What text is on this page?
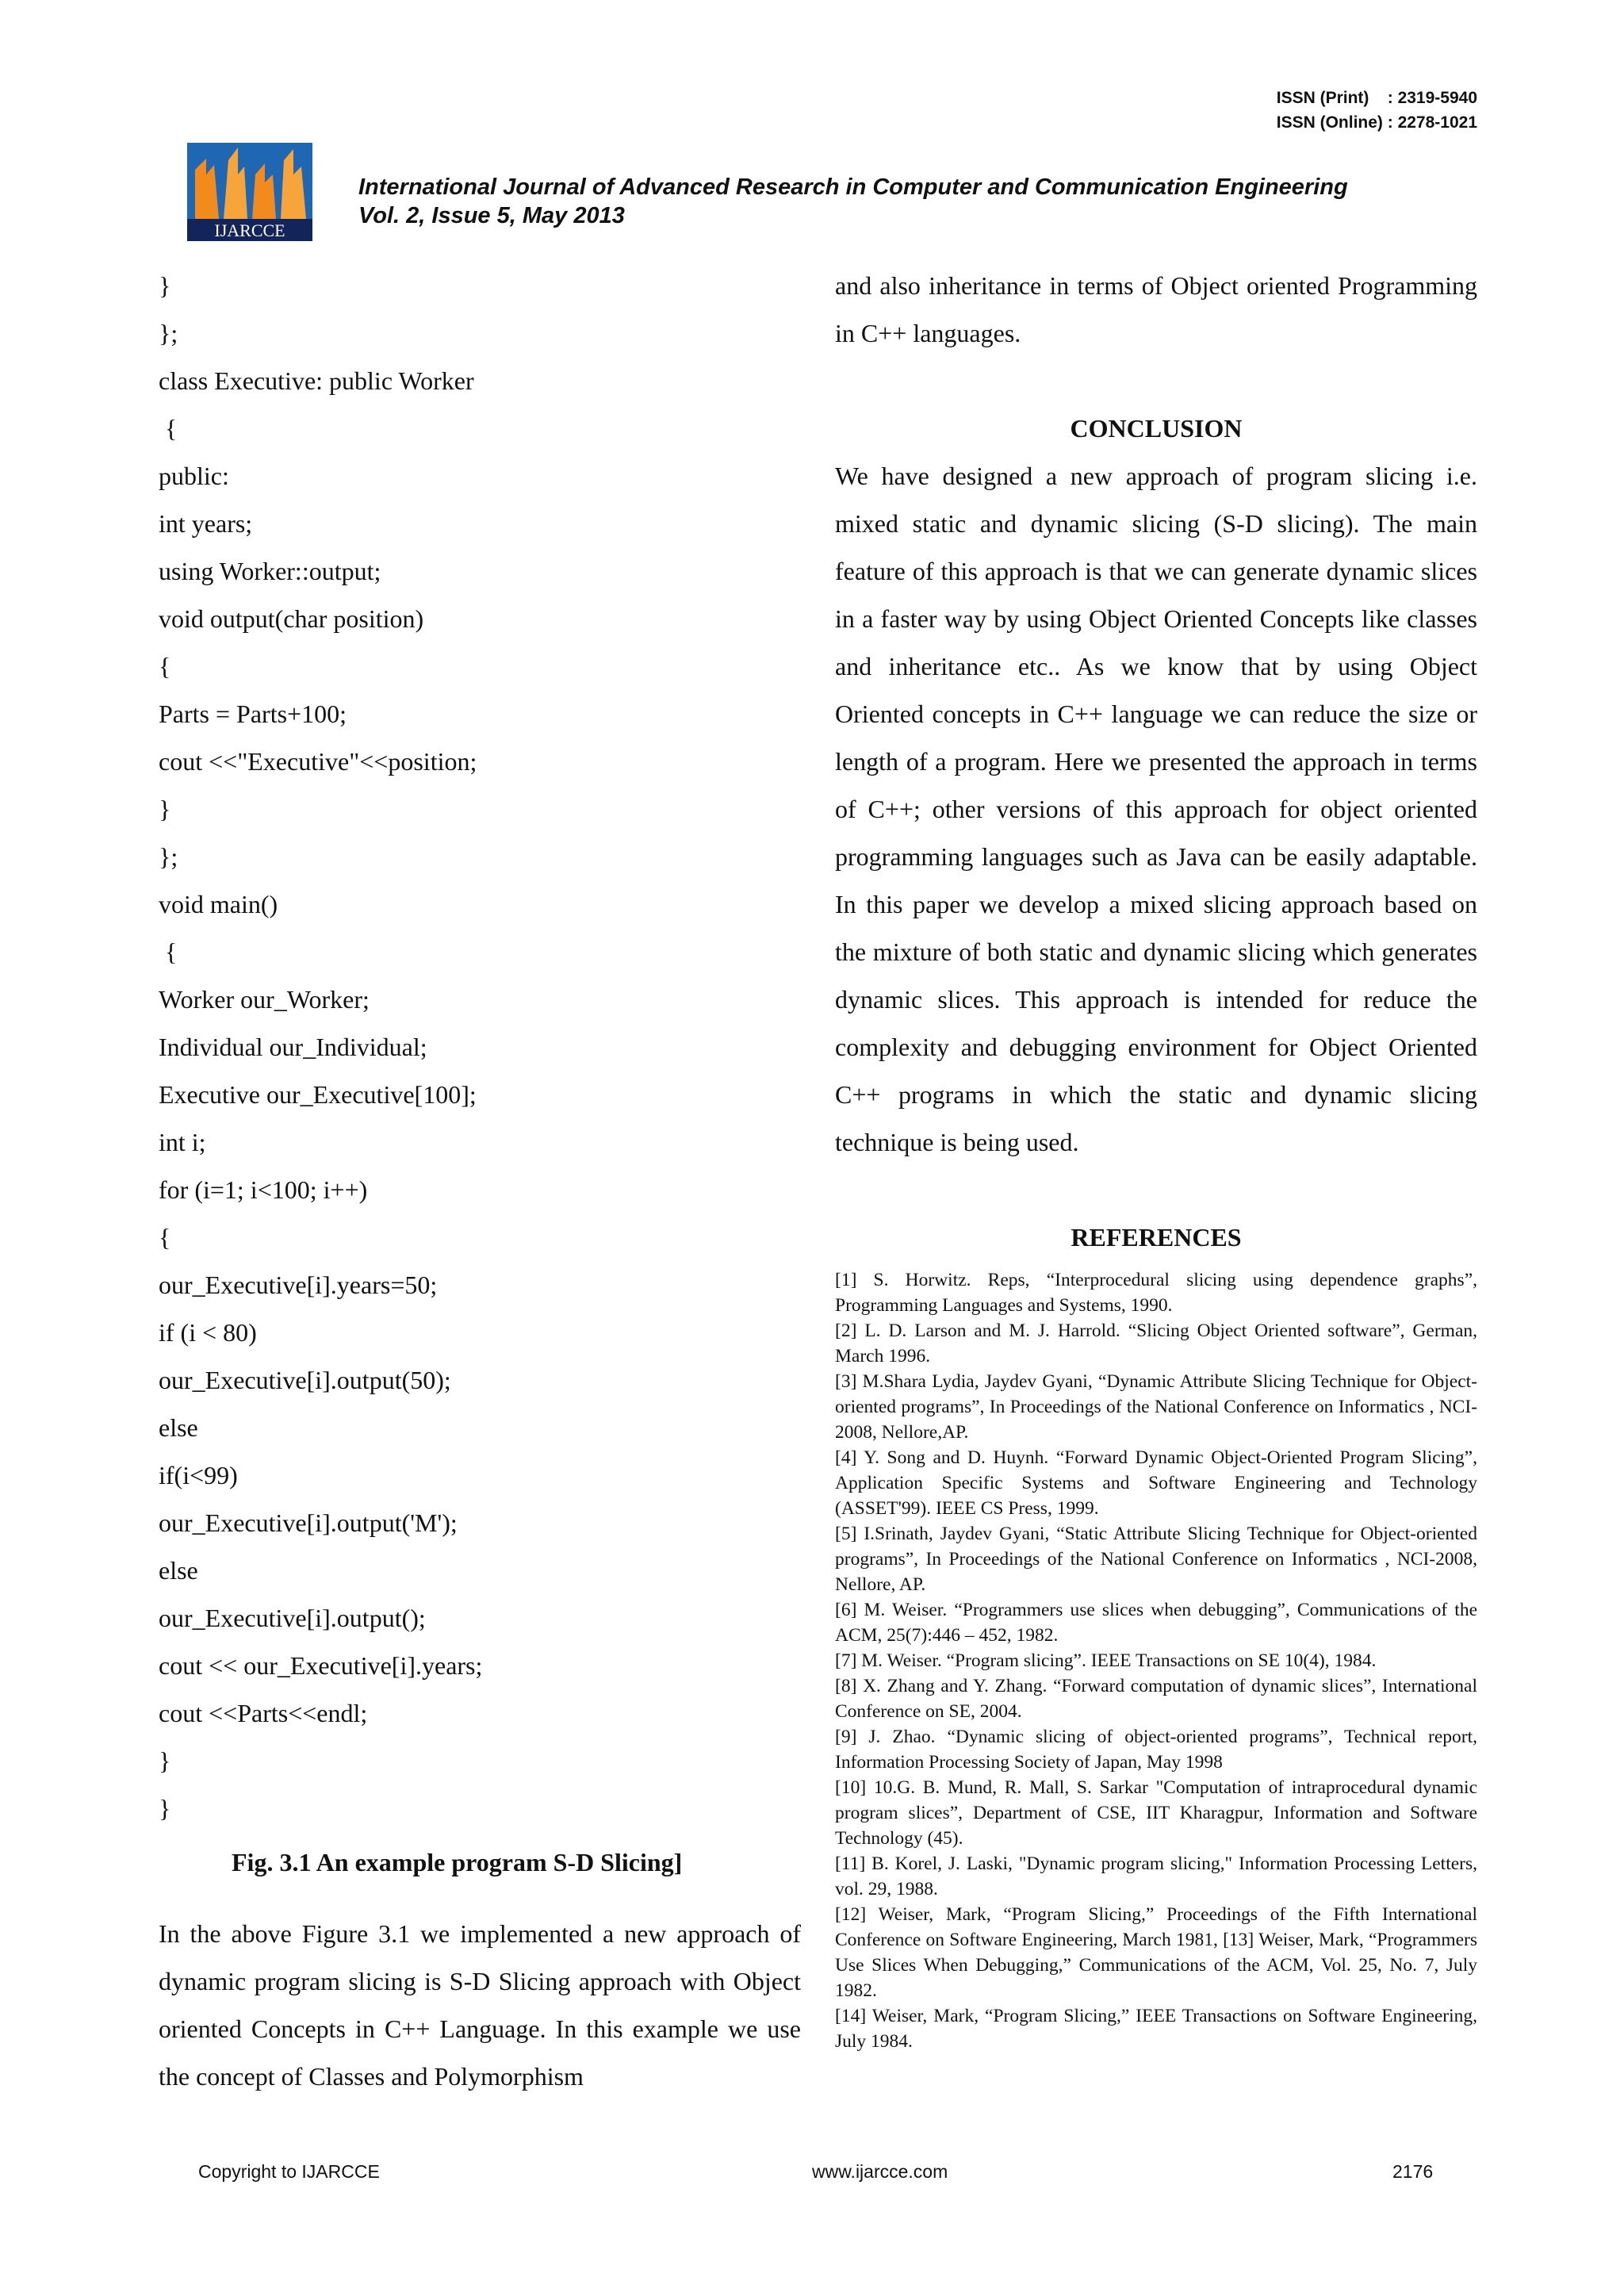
ISSN (Print)    : 2319-5940
ISSN (Online) : 2278-1021
IJARCCE
International Journal of Advanced Research in Computer and Communication Engineering
Vol. 2, Issue 5, May 2013
}
};
class Executive: public Worker
{
public:
int years;
using Worker::output;
void output(char position)
{
Parts = Parts+100;
cout <<"Executive"<<position;
}
};
void main()
{
Worker our_Worker;
Individual our_Individual;
Executive our_Executive[100];
int i;
for (i=1; i<100; i++)
{
our_Executive[i].years=50;
if (i < 80)
our_Executive[i].output(50);
else
if(i<99)
our_Executive[i].output('M');
else
our_Executive[i].output();
cout << our_Executive[i].years;
cout <<Parts<<endl;
}
}
Fig. 3.1 An example program S-D Slicing]
In the above Figure 3.1 we implemented a new approach of dynamic program slicing is S-D Slicing approach with Object oriented Concepts in C++ Language. In this example we use the concept of Classes and Polymorphism

and also inheritance in terms of Object oriented Programming in C++ languages.

CONCLUSION

We have designed a new approach of program slicing i.e. mixed static and dynamic slicing (S-D slicing). The main feature of this approach is that we can generate dynamic slices in a faster way by using Object Oriented Concepts like classes and inheritance etc.. As we know that by using Object Oriented concepts in C++ language we can reduce the size or length of a program. Here we presented the approach in terms of C++; other versions of this approach for object oriented programming languages such as Java can be easily adaptable. In this paper we develop a mixed slicing approach based on the mixture of both static and dynamic slicing which generates dynamic slices. This approach is intended for reduce the complexity and debugging environment for Object Oriented C++ programs in which the static and dynamic slicing technique is being used.

REFERENCES

[1] S. Horwitz. Reps, “Interprocedural slicing using dependence graphs”, Programming Languages and Systems, 1990.

[2] L. D. Larson and M. J. Harrold. “Slicing Object Oriented software”, German, March 1996.

[3] M.Shara Lydia, Jaydev Gyani, “Dynamic Attribute Slicing Technique for Object-oriented programs”, In Proceedings of the National Conference on Informatics , NCI-2008, Nellore,AP.

[4] Y. Song and D. Huynh. “Forward Dynamic Object-Oriented Program Slicing”, Application Specific Systems and Software Engineering and Technology (ASSET'99). IEEE CS Press, 1999.

[5] I.Srinath, Jaydev Gyani, “Static Attribute Slicing Technique for Object-oriented programs”, In Proceedings of the National Conference on Informatics , NCI-2008, Nellore, AP.

[6] M. Weiser. “Programmers use slices when debugging”, Communications of the ACM, 25(7):446 – 452, 1982.

[7] M. Weiser. “Program slicing”. IEEE Transactions on SE 10(4), 1984.

[8] X. Zhang and Y. Zhang. “Forward computation of dynamic slices”, International Conference on SE, 2004.

[9] J. Zhao. “Dynamic slicing of object-oriented programs”, Technical report, Information Processing Society of Japan, May 1998

[10] 10.G. B. Mund, R. Mall, S. Sarkar "Computation of intraprocedural dynamic program slices”, Department of CSE, IIT Kharagpur, Information and Software Technology (45).

[11] B. Korel, J. Laski, "Dynamic program slicing," Information Processing Letters, vol. 29, 1988.

[12] Weiser, Mark, “Program Slicing,” Proceedings of the Fifth International Conference on Software Engineering, March 1981, [13] Weiser, Mark, “Programmers Use Slices When Debugging,” Communications of the ACM, Vol. 25, No. 7, July 1982.

[14] Weiser, Mark, “Program Slicing,” IEEE Transactions on Software Engineering, July 1984.

Copyright to IJARCCE	www.ijarcce.com	2176
